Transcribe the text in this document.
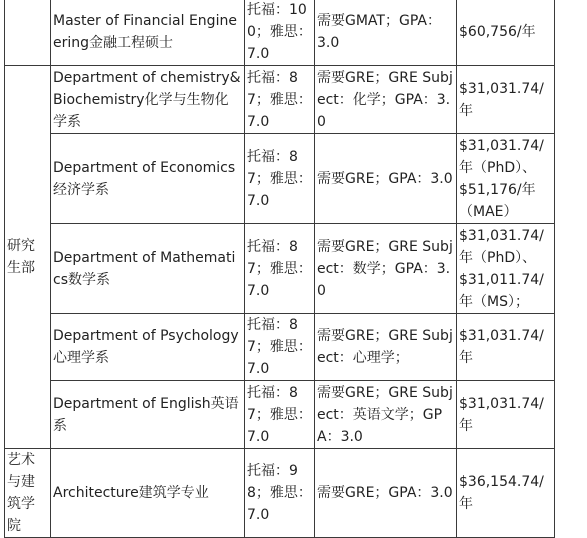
	Master of Financial Engineering金融工程硕士	托福：100；雅思：7.0	需要GMAT；GPA：3.0	$60,756/年
研究生部	Department of chemistry&Biochemistry化学与生物化学系	托福：87；雅思：7.0	需要GRE；GRE Subject：化学；GPA：3.0	$31,031.74/年
	Department of Economics经济学系	托福：87；雅思：7.0	需要GRE；GPA：3.0	$31,031.74/年（PhD）、$51,176/年（MAE）
	Department of Mathematics数学系	托福：87；雅思：7.0	需要GRE；GRE Subject：数学；GPA：3.0	$31,031.74/年（PhD）、$31,011.74/年（MS）；
	Department of Psychology心理学系	托福：87；雅思：7.0	需要GRE；GRE Subject：心理学；	$31,031.74/年
	Department of English英语系	托福：87；雅思：7.0	需要GRE；GRE Subject：英语文学；GPA：3.0	$31,031.74/年
艺术与建筑学院	Architecture建筑学专业	托福：98；雅思：7.0	需要GRE；GPA：3.0	$36,154.74/年
